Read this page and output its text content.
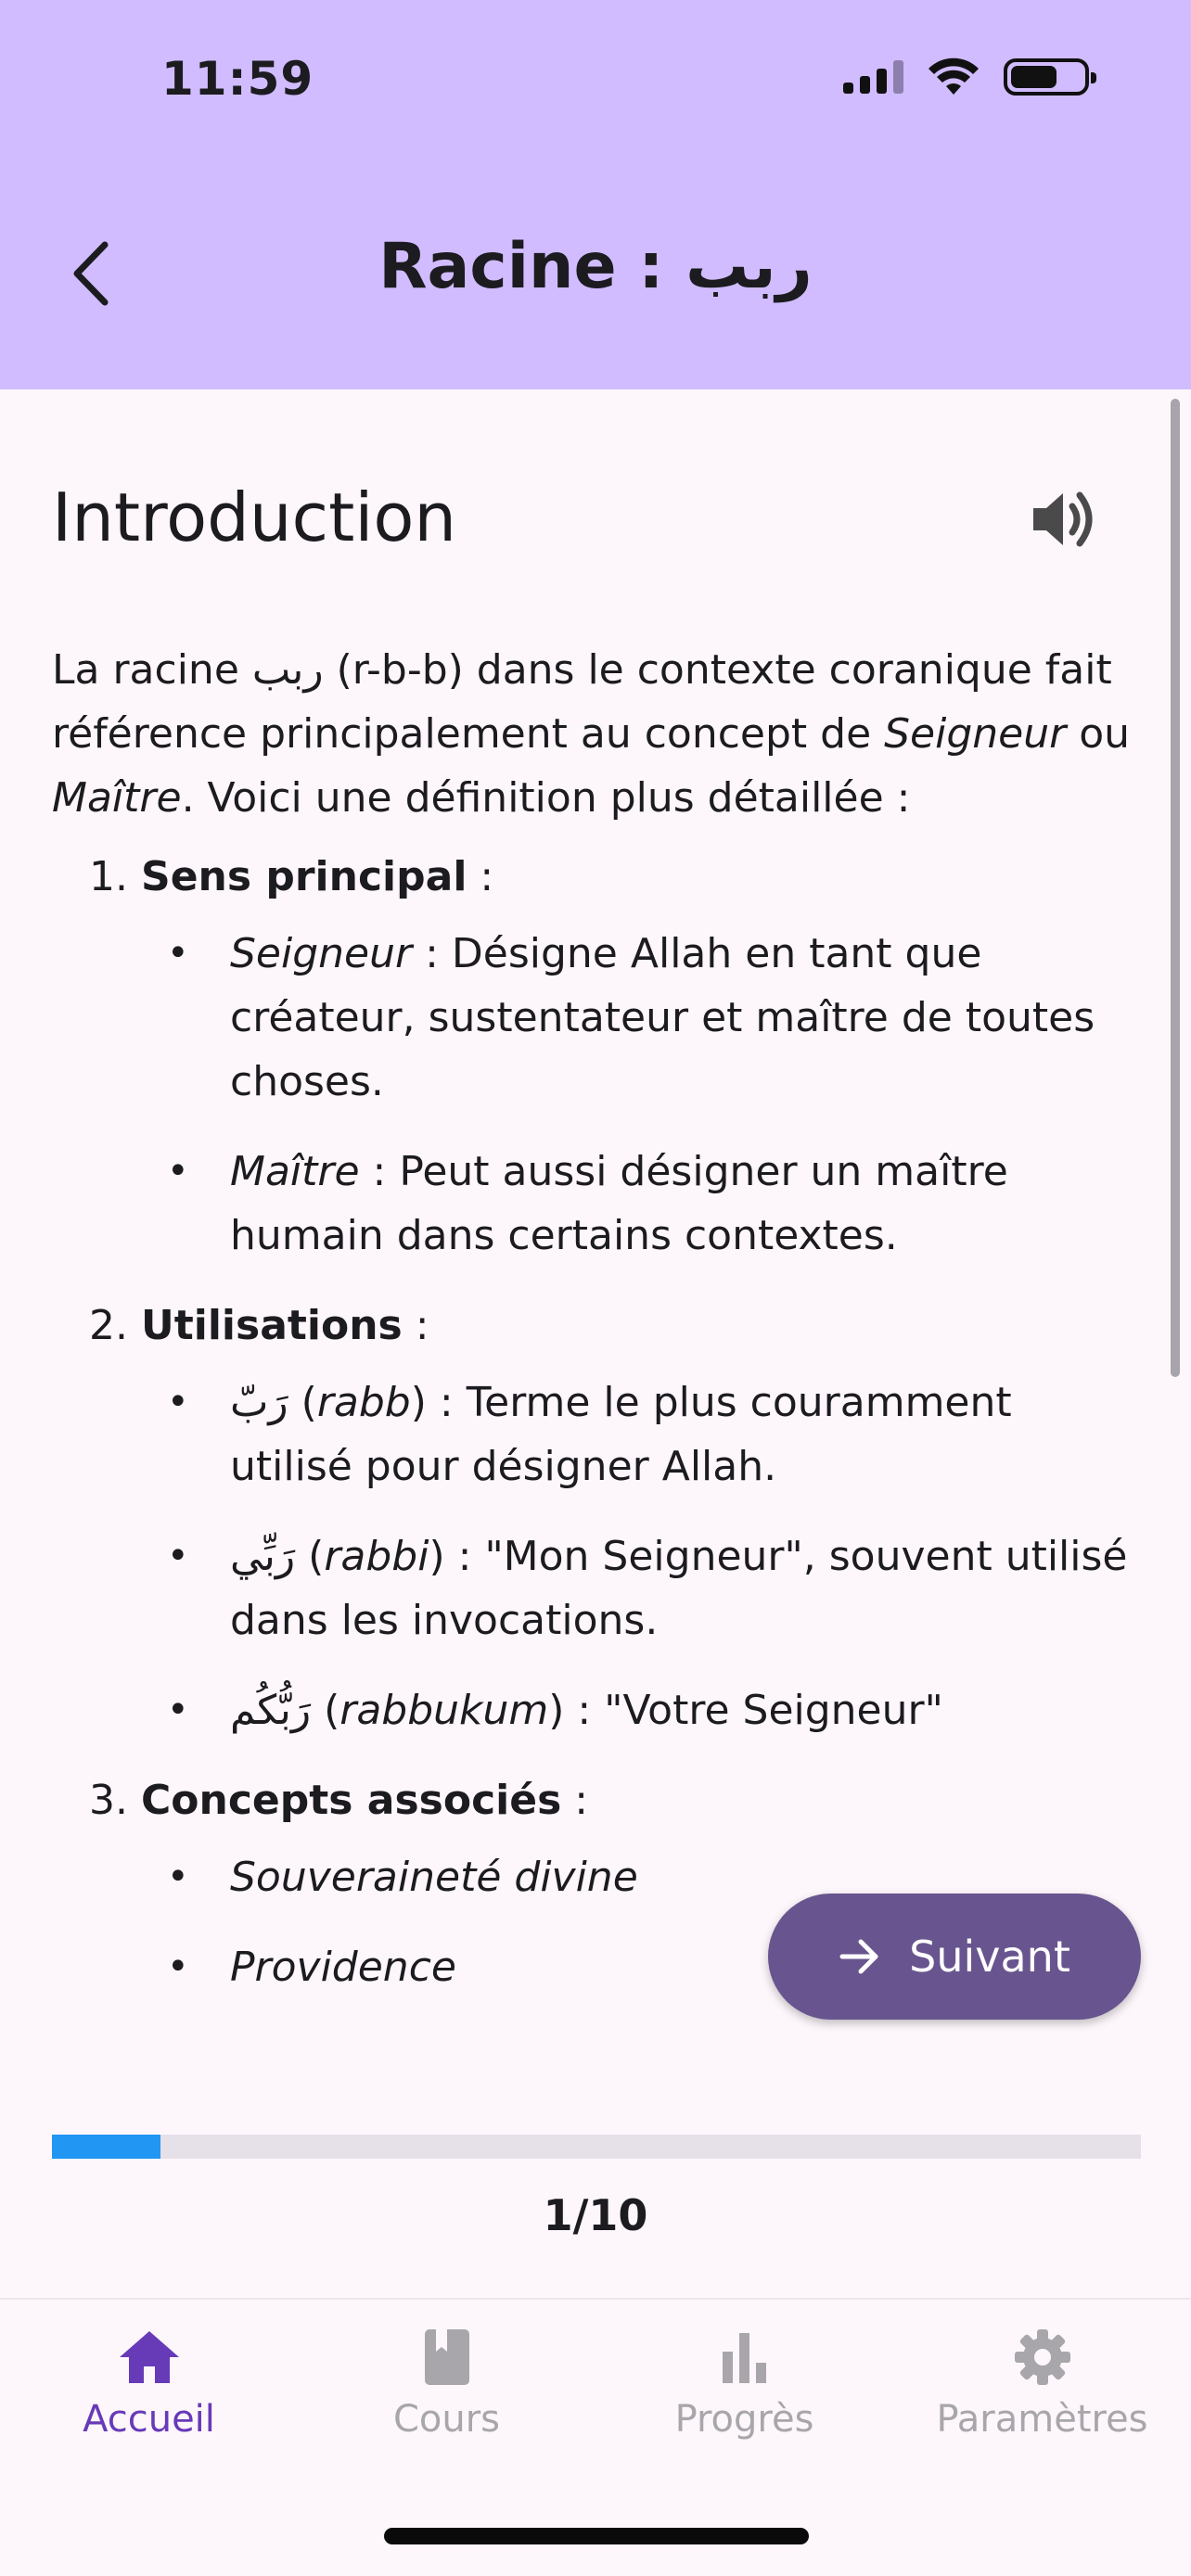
11:59
Racine : ربب
Introduction

La racine ربب (r-b-b) dans le contexte coranique fait référence principalement au concept de Seigneur ou Maître. Voici une définition plus détaillée :

1. Sens principal :
• Seigneur : Désigne Allah en tant que créateur, sustentateur et maître de toutes choses.
• Maître : Peut aussi désigner un maître humain dans certains contextes.
2. Utilisations :
• رَبّ (rabb) : Terme le plus couramment utilisé pour désigner Allah.
• رَبِّي (rabbi) : "Mon Seigneur", souvent utilisé dans les invocations.
• رَبُّكُم (rabbukum) : "Votre Seigneur"
3. Concepts associés :
• Souveraineté divine
• Providence	Suivant
1/10
Accueil	Cours	Progrès	Paramètres
